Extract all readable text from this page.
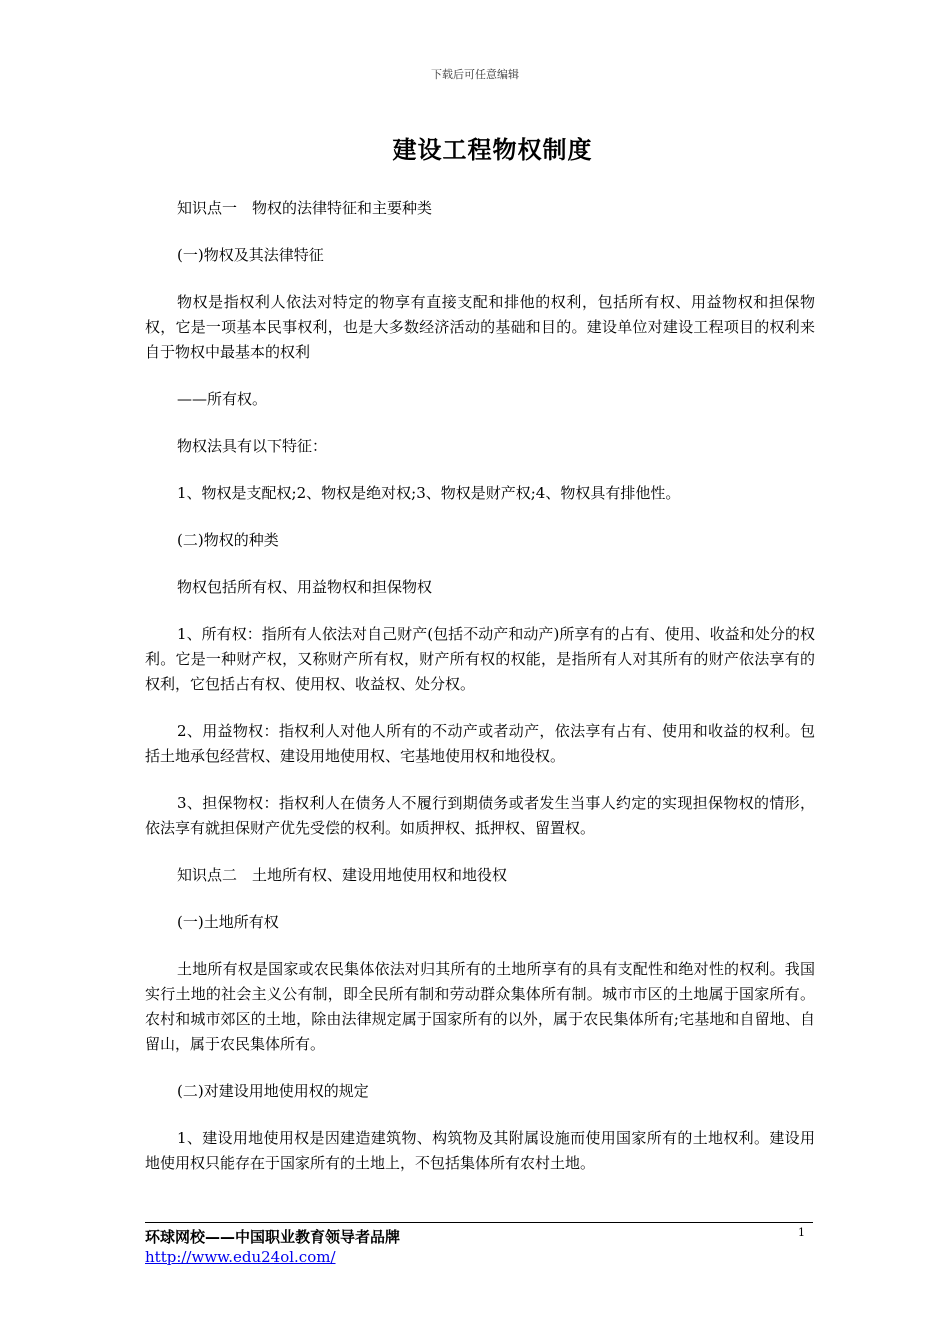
下载后可任意编辑
建设工程物权制度

知识点一　物权的法律特征和主要种类

(一)物权及其法律特征

物权是指权利人依法对特定的物享有直接支配和排他的权利，包括所有权、用益物权和担保物权，它是一项基本民事权利，也是大多数经济活动的基础和目的。建设单位对建设工程项目的权利来自于物权中最基本的权利

——所有权。

物权法具有以下特征：

1、物权是支配权;2、物权是绝对权;3、物权是财产权;4、物权具有排他性。

(二)物权的种类

物权包括所有权、用益物权和担保物权

1、所有权：指所有人依法对自己财产(包括不动产和动产)所享有的占有、使用、收益和处分的权利。它是一种财产权，又称财产所有权，财产所有权的权能，是指所有人对其所有的财产依法享有的权利，它包括占有权、使用权、收益权、处分权。

2、用益物权：指权利人对他人所有的不动产或者动产，依法享有占有、使用和收益的权利。包括土地承包经营权、建设用地使用权、宅基地使用权和地役权。

3、担保物权：指权利人在债务人不履行到期债务或者发生当事人约定的实现担保物权的情形，依法享有就担保财产优先受偿的权利。如质押权、抵押权、留置权。

知识点二　土地所有权、建设用地使用权和地役权

(一)土地所有权

土地所有权是国家或农民集体依法对归其所有的土地所享有的具有支配性和绝对性的权利。我国实行土地的社会主义公有制，即全民所有制和劳动群众集体所有制。城市市区的土地属于国家所有。农村和城市郊区的土地，除由法律规定属于国家所有的以外，属于农民集体所有;宅基地和自留地、自留山，属于农民集体所有。

(二)对建设用地使用权的规定

1、建设用地使用权是因建造建筑物、构筑物及其附属设施而使用国家所有的土地权利。建设用地使用权只能存在于国家所有的土地上，不包括集体所有农村土地。

环球网校——中国职业教育领导者品牌
http://www.edu24ol.com/
1
